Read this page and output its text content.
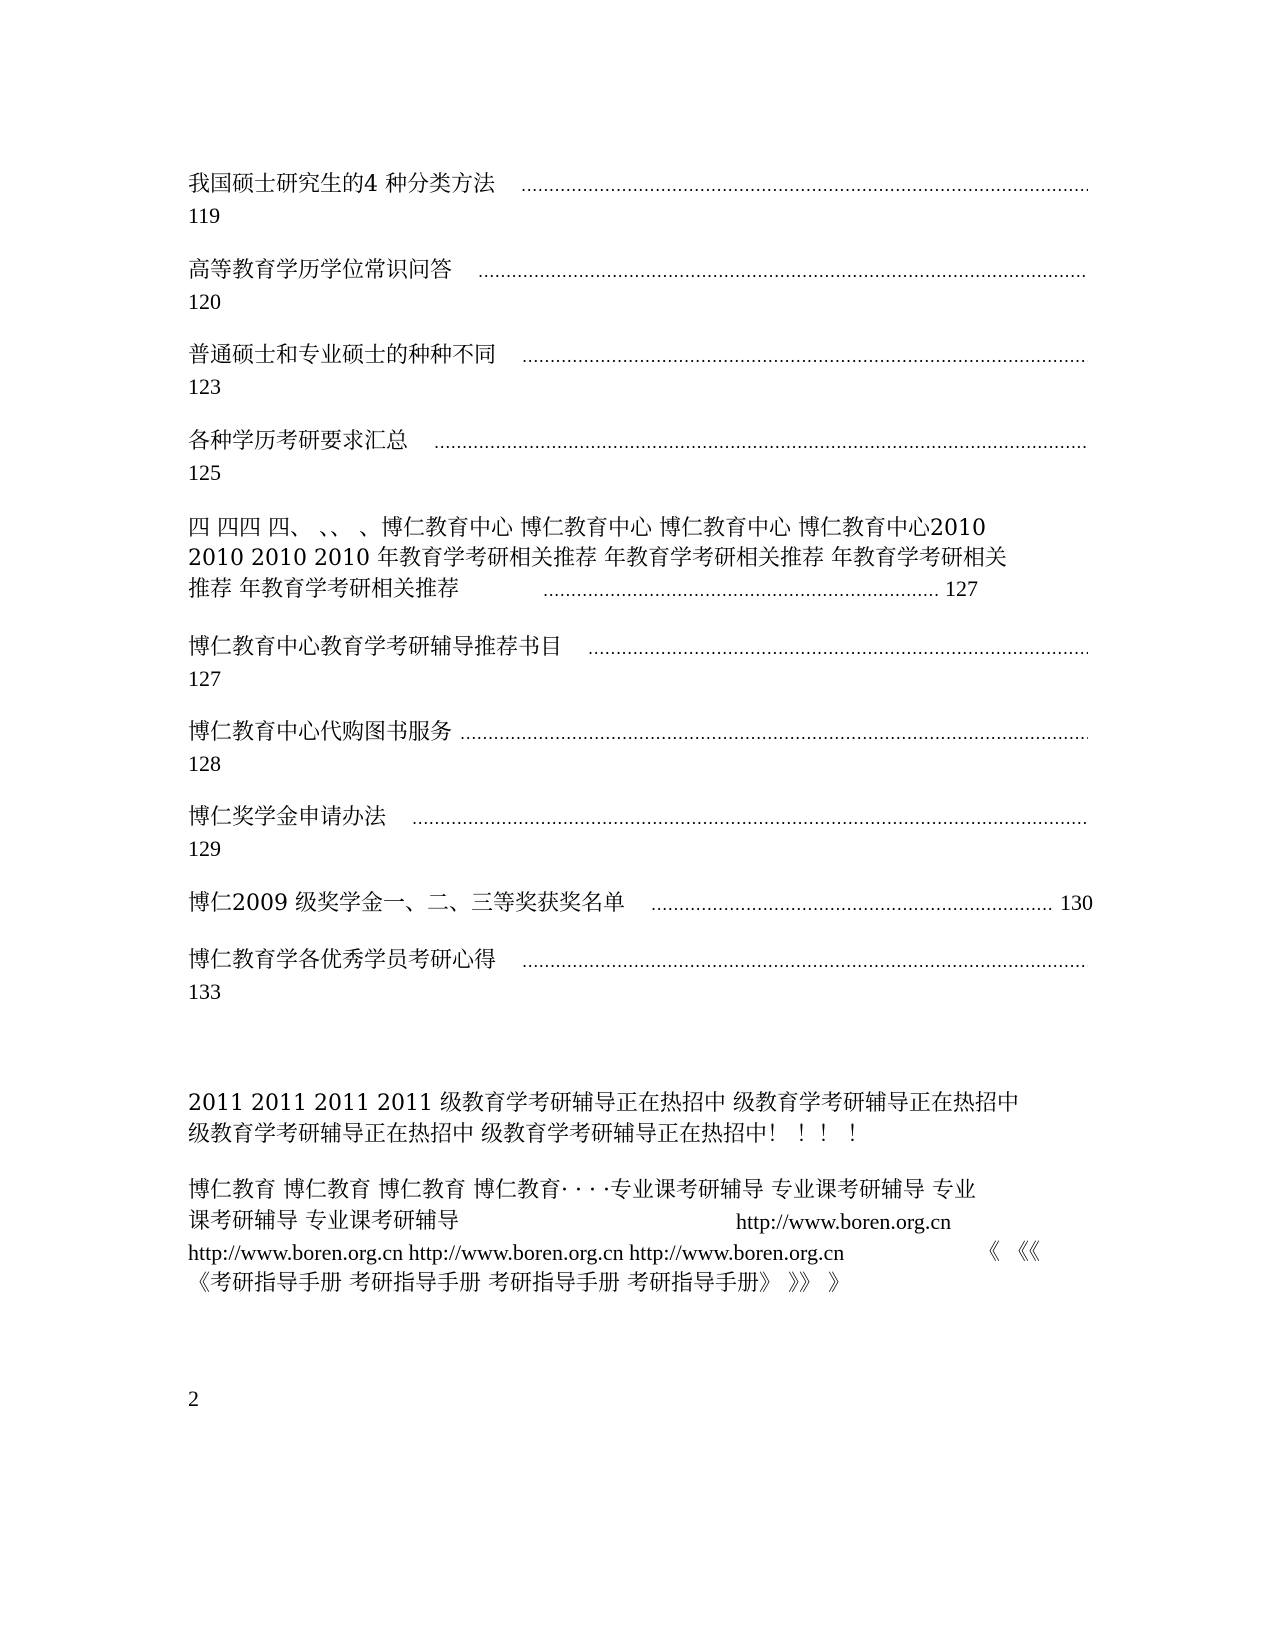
我国硕士研究生的4 种分类方法
.....
119
高等教育学历学位常识问答
.....
120
普通硕士和专业硕士的种种不同
.....
123
各种学历考研要求汇总
.....
125
四 四四 四、 、、 、博仁教育中心 博仁教育中心 博仁教育中心 博仁教育中心2010
2010 2010 2010 年教育学考研相关推荐 年教育学考研相关推荐 年教育学考研相关
推荐 年教育学考研相关推荐 .....	127
博仁教育中心教育学考研辅导推荐书目
.....
127
博仁教育中心代购图书服务
.....
128
博仁奖学金申请办法
.....
129
博仁2009 级奖学金一、二、三等奖获奖名单 .....	130
博仁教育学各优秀学员考研心得
.....
133
2011 2011 2011 2011 级教育学考研辅导正在热招中 级教育学考研辅导正在热招中
级教育学考研辅导正在热招中 级教育学考研辅导正在热招中！ ！！ ！
博仁教育 博仁教育 博仁教育 博仁教育· · · ·专业课考研辅导 专业课考研辅导 专业
课考研辅导 专业课考研辅导	http://www.boren.org.cn
http://www.boren.org.cn http://www.boren.org.cn http://www.boren.org.cn	《 《《
《考研指导手册 考研指导手册 考研指导手册 考研指导手册》 》》 》
2
